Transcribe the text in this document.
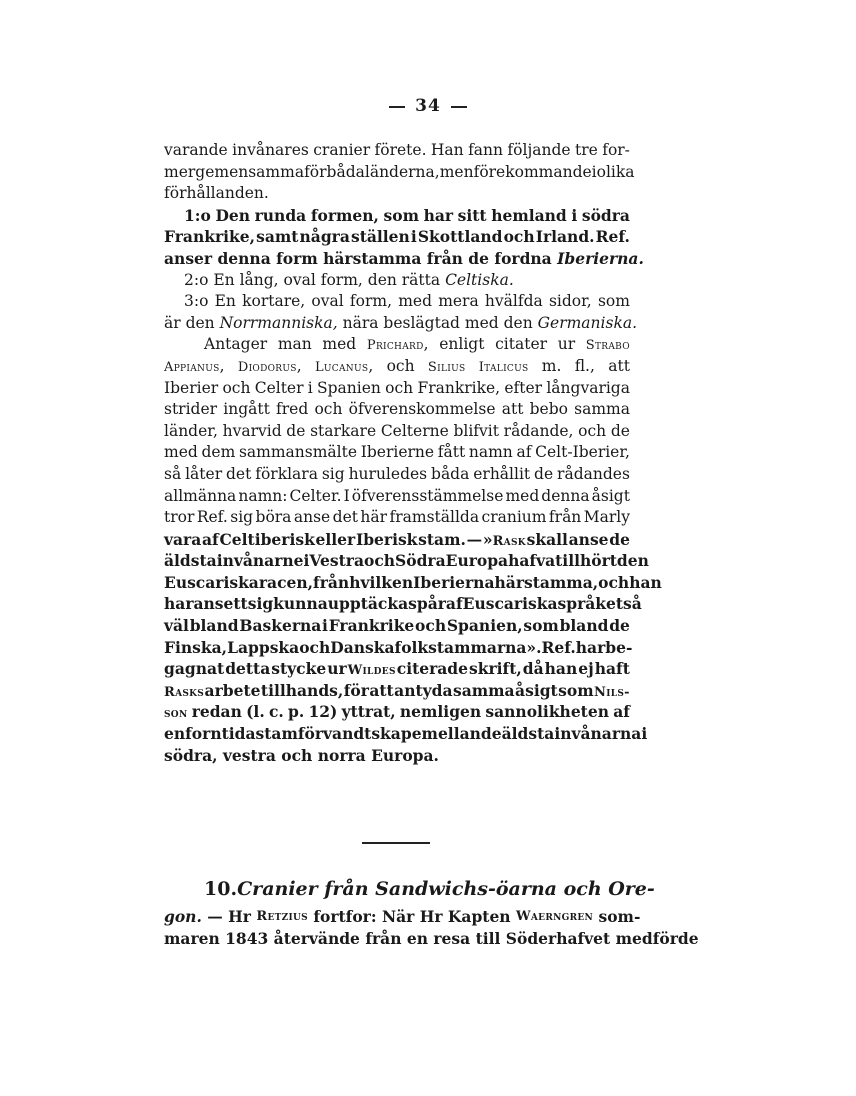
34
varande invånares cranier förete. Han fann följande tre for-
mer gemensamma för båda länderna, men förekommande i olika
förhållanden.
1:o Den runda formen, som har sitt hemland i södra
Frankrike, samt några ställen i Skottland och Irland. Ref.
anser denna form härstamma från de fordna Iberierna.
2:o En lång, oval form, den rätta Celtiska.
3:o En kortare, oval form, med mera hvälfda sidor, som
är den Norrmanniska, nära beslägtad med den Germaniska.
Antager man med Prichard, enligt citater ur Strabo
Appianus, Diodorus, Lucanus, och Silius Italicus m. fl., att
Iberier och Celter i Spanien och Frankrike, efter långvariga
strider ingått fred och öfverenskommelse att bebo samma
länder, hvarvid de starkare Celterne blifvit rådande, och de
med dem sammansmälte Iberierne fått namn af Celt-Iberier,
så låter det förklara sig huruledes båda erhållit de rådandes
allmänna namn: Celter. I öfverensstämmelse med denna åsigt
tror Ref. sig böra anse det här framställda cranium från Marly
vara af Celtiberisk eller Iberisk stam. — »Rask skall anse de
äldsta invånarne i Vestra och Södra Europa hafva tillhört den
Euscariska racen, från hvilken Iberierna härstamma, och han
har ansett sig kunna upptäcka spår af Euscariska språket så
väl bland Baskerna i Frankrike och Spanien, som bland de
Finska, Lappska och Danska folkstammarna». Ref. har be-
gagnat detta stycke ur Wildes citerade skrift, då han ej haft
Rasks arbete tillhands, för att antyda samma åsigt som Nils-
son redan (l. c. p. 12) yttrat, nemligen sannolikheten af
en forntida stamförvandtskap emellan de äldsta invånarna i
södra, vestra och norra Europa.
10. Cranier från Sandwichs-öarna och Ore-
gon. — Hr Retzius fortfor: När Hr Kapten Waerngren som-
maren 1843 återvände från en resa till Söderhafvet medförde
